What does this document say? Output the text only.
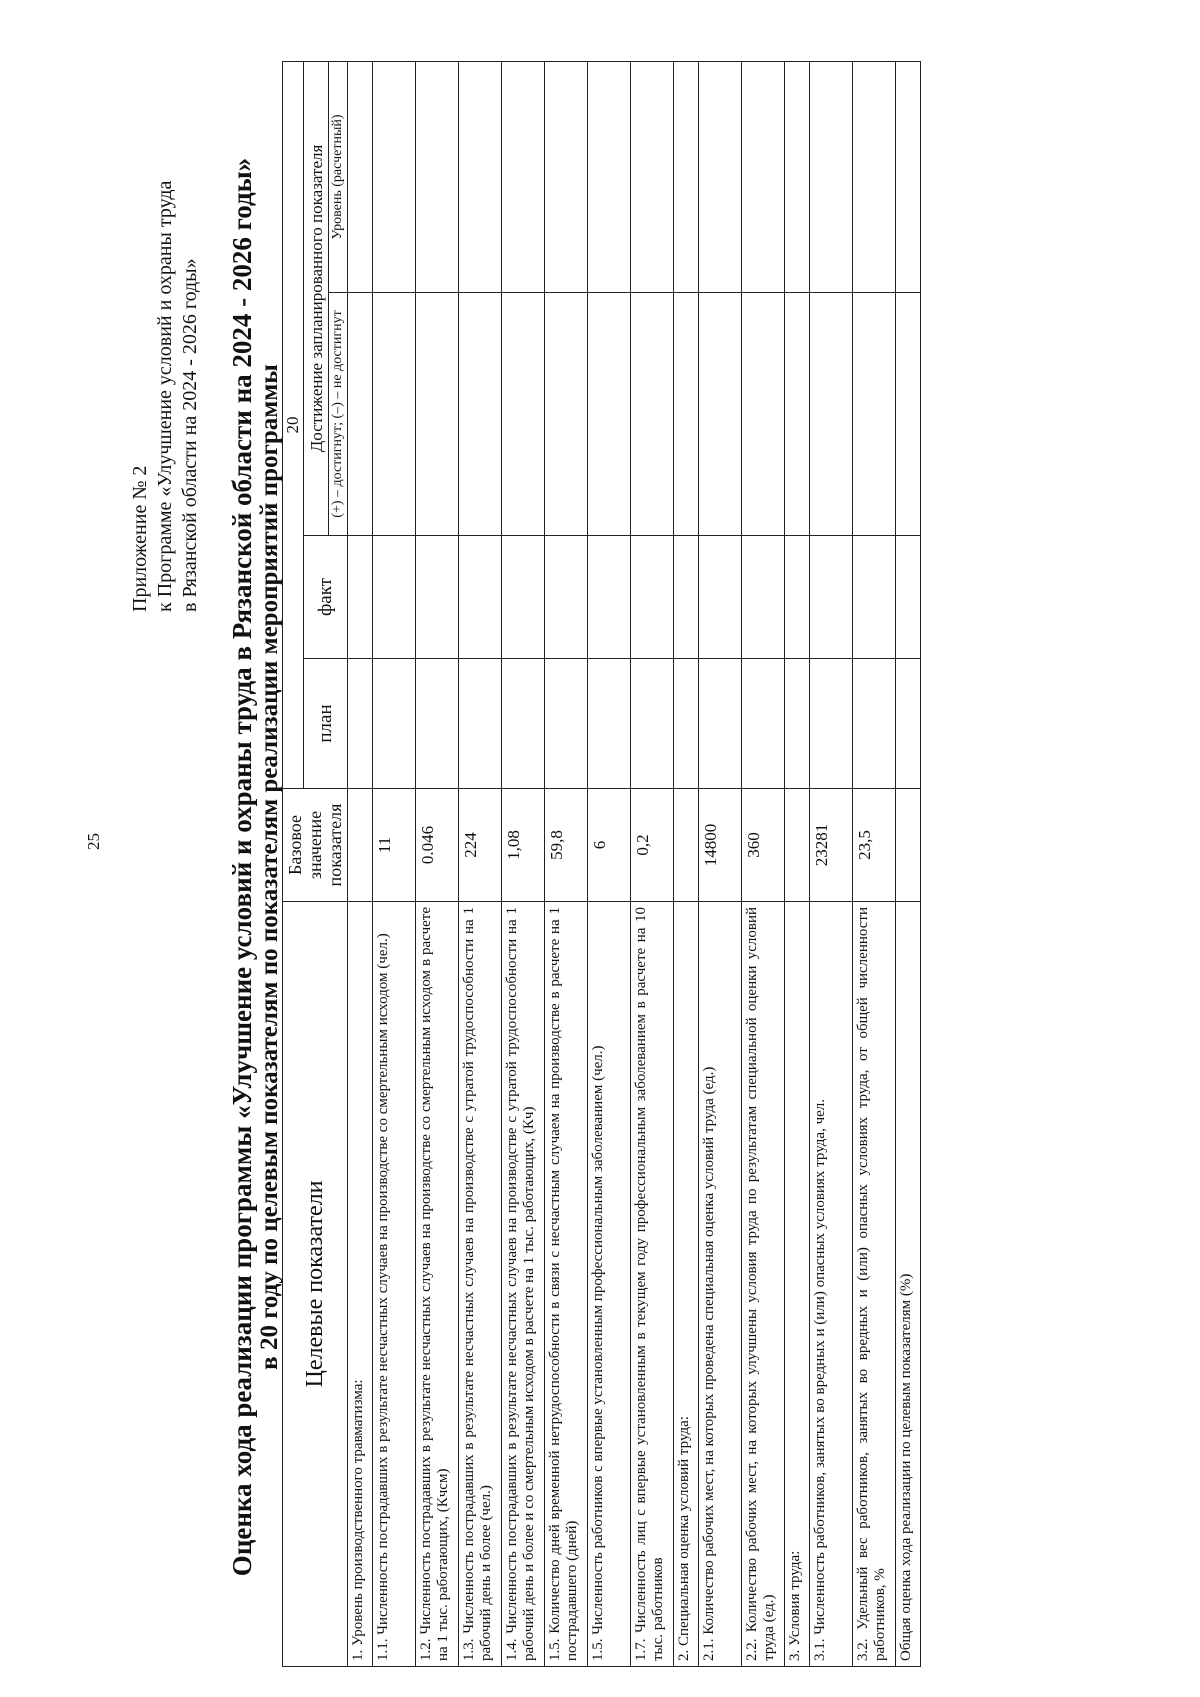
25
Приложение № 2 к Программе «Улучшение условий и охраны труда в Рязанской области на 2024 - 2026 годы» Оценка хода реализации программы «Улучшение условий и охраны труда в Рязанской области на 2024 - 2026 годы» в 20 году по целевым показателям по показателям реализации мероприятий программы Целевые показатели	Базовое значение показателя	20			
		план	факт	Достижение запланированного показателя	
				(+) – достигнут; (–) – не достигнут	Уровень (расчетный)
1. Уровень производственного травматизма:					
1.1. Численность пострадавших в результате несчастных случаев на производстве со смертельным исходом (чел.)	11				
1.2. Численность пострадавших в результате несчастных случаев на производстве со смертельным исходом в расчете на 1 тыс. работающих, (Кчсм)	0.046				
1.3. Численность пострадавших в результате несчастных случаев на производстве с утратой трудоспособности на 1 рабочий день и более (чел.)	224				
1.4. Численность пострадавших в результате несчастных случаев на производстве с утратой трудоспособности на 1 рабочий день и более и со смертельным исходом в расчете на 1 тыс. работающих, (Кч)	1,08				
1.5. Количество дней временной нетрудоспособности в связи с несчастным случаем на производстве в расчете на 1 пострадавшего (дней)	59,8				
1.5. Численность работников с впервые установленным профессиональным заболеванием (чел.)	6				
1.7. Численность лиц с впервые установленным в текущем году профессиональным заболеванием в расчете на 10 тыс. работников	0,2				
2. Специальная оценка условий труда:					
2.1. Количество рабочих мест, на которых проведена специальная оценка условий труда (ед.)	14800				
2.2. Количество рабочих мест, на которых улучшены условия труда по результатам специальной оценки условий труда (ед.)	360				
3. Условия труда:					
3.1. Численность работников, занятых во вредных и (или) опасных условиях труда, чел.	23281				
3.2. Удельный вес работников, занятых во вредных и (или) опасных условиях труда, от общей численности работников, %	23,5				
Общая оценка хода реализации по целевым показателям (%)					
